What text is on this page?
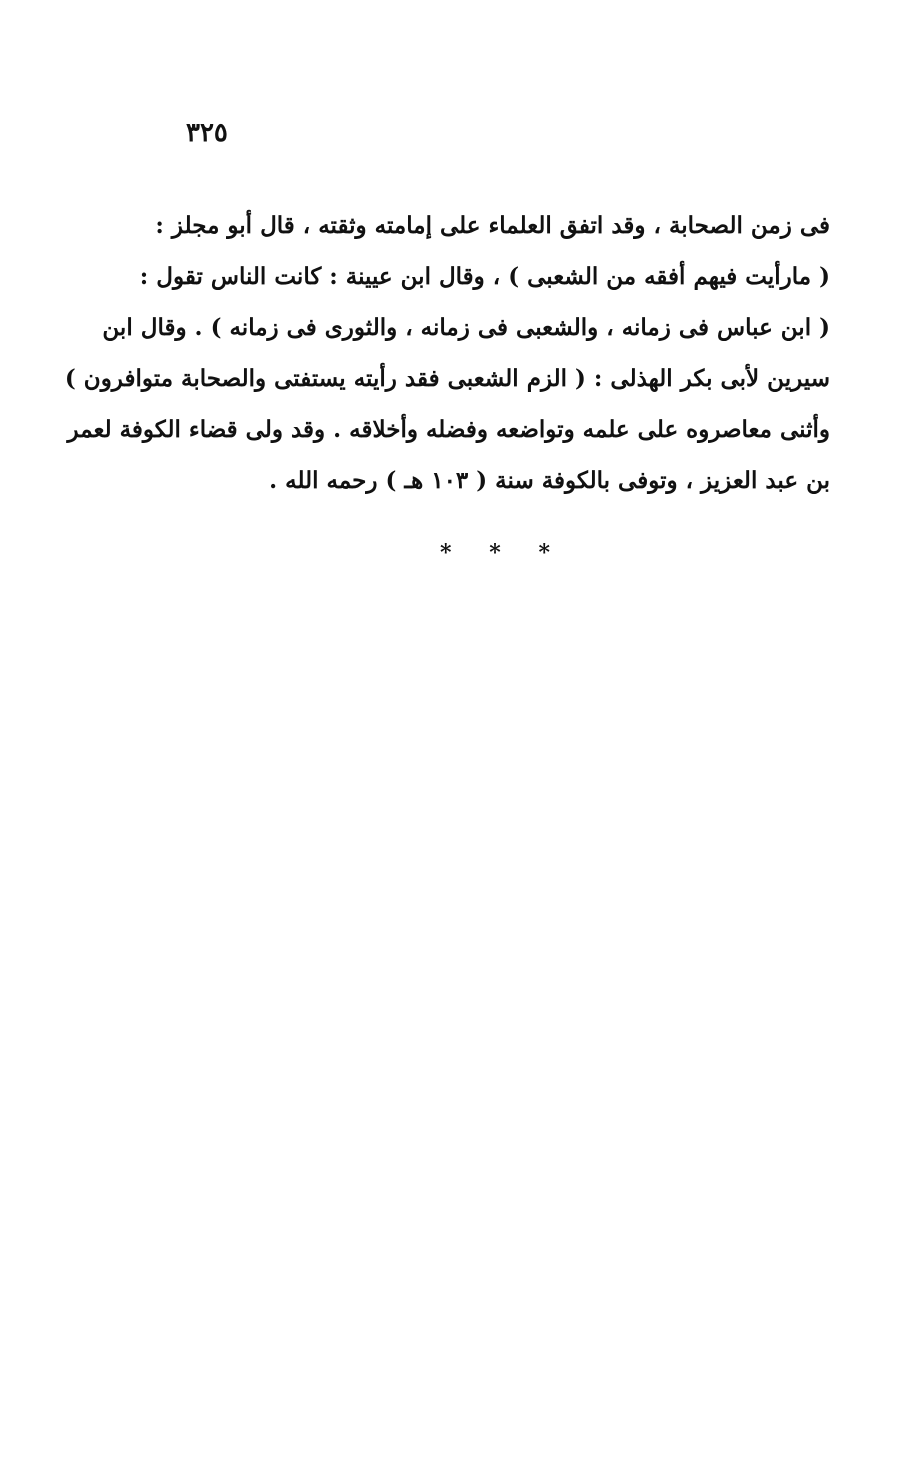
٥٢٣
فى زمن الصحابة ، وقد اتفق العلماء على إمامته وثقته ، قال أبو مجلز :
( مارأيت فيهم أفقه من الشعبى ) ، وقال ابن عيينة : كانت الناس تقول :
( ابن عباس فى زمانه ، والشعبى فى زمانه ، والثورى فى زمانه ) . وقال ابن
سيرين لأبى بكر الهذلى : ( الزم الشعبى فقد رأيته يستفتى والصحابة متوافرون )
وأثنى معاصروه على علمه وتواضعه وفضله وأخلاقه . وقد ولى قضاء الكوفة لعمر
بن عبد العزيز ، وتوفى بالكوفة سنة ( ١٠٣ هـ ) رحمه الله .
* * *
